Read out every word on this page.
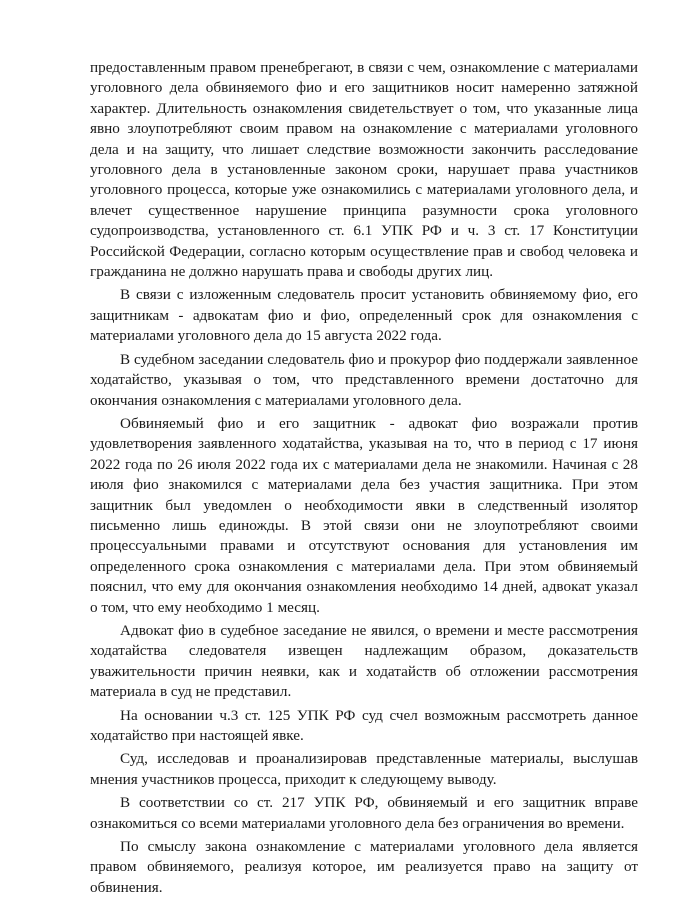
предоставленным правом пренебрегают, в связи с чем, ознакомление с материалами уголовного дела обвиняемого фио и его защитников носит намеренно затяжной характер. Длительность ознакомления свидетельствует о том, что указанные лица явно злоупотребляют своим правом на ознакомление с материалами уголовного дела и на защиту, что лишает следствие возможности закончить расследование уголовного дела в установленные законом сроки, нарушает права участников уголовного процесса, которые уже ознакомились с материалами уголовного дела, и влечет существенное нарушение принципа разумности срока уголовного судопроизводства, установленного ст. 6.1 УПК РФ и ч. 3 ст. 17 Конституции Российской Федерации, согласно которым осуществление прав и свобод человека и гражданина не должно нарушать права и свободы других лиц.

В связи с изложенным следователь просит установить обвиняемому фио, его защитникам - адвокатам фио и фио, определенный срок для ознакомления с материалами уголовного дела до 15 августа 2022 года.

В судебном заседании следователь фио и прокурор фио поддержали заявленное ходатайство, указывая о том, что представленного времени достаточно для окончания ознакомления с материалами уголовного дела.

Обвиняемый фио и его защитник - адвокат фио возражали против удовлетворения заявленного ходатайства, указывая на то, что в период с 17 июня 2022 года по 26 июля 2022 года их с материалами дела не знакомили. Начиная с 28 июля фио знакомился с материалами дела без участия защитника. При этом защитник был уведомлен о необходимости явки в следственный изолятор письменно лишь единожды. В этой связи они не злоупотребляют своими процессуальными правами и отсутствуют основания для установления им определенного срока ознакомления с материалами дела. При этом обвиняемый пояснил, что ему для окончания ознакомления необходимо 14 дней, адвокат указал о том, что ему необходимо 1 месяц.

Адвокат фио в судебное заседание не явился, о времени и месте рассмотрения ходатайства следователя извещен надлежащим образом, доказательств уважительности причин неявки, как и ходатайств об отложении рассмотрения материала в суд не представил.

На основании ч.3 ст. 125 УПК РФ суд счел возможным рассмотреть данное ходатайство при настоящей явке.

Суд, исследовав и проанализировав представленные материалы, выслушав мнения участников процесса, приходит к следующему выводу.

В соответствии со ст. 217 УПК РФ, обвиняемый и его защитник вправе ознакомиться со всеми материалами уголовного дела без ограничения во времени.

По смыслу закона ознакомление с материалами уголовного дела является правом обвиняемого, реализуя которое, им реализуется право на защиту от обвинения.
